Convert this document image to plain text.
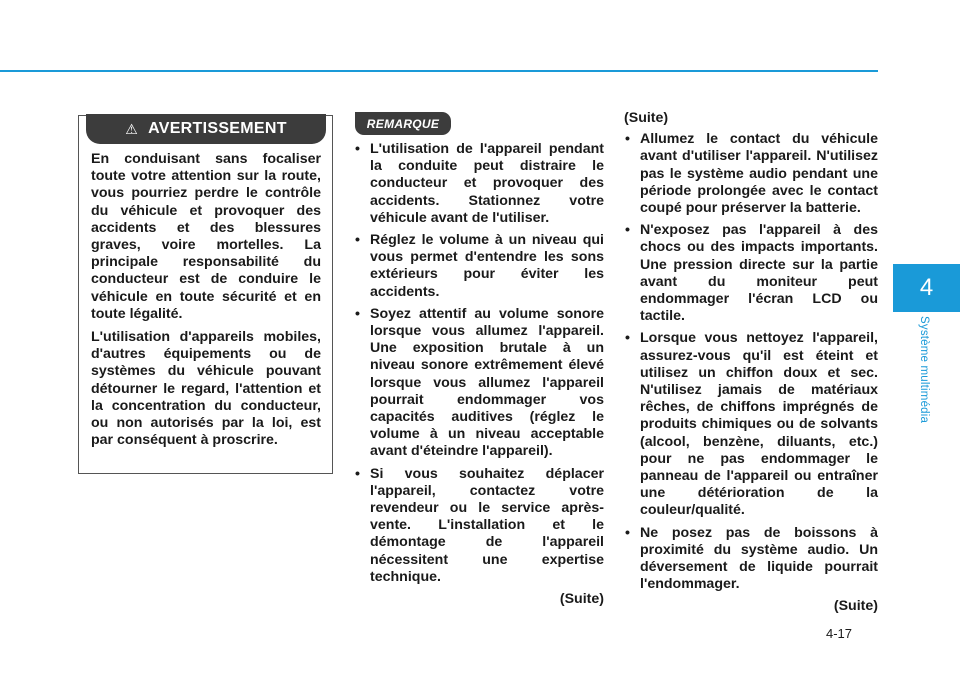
4
Système multimédia

En conduisant sans focaliser toute votre attention sur la route, vous pourriez perdre le contrôle du véhicule et provoquer des accidents et des blessures graves, voire mortelles. La principale responsabilité du conducteur est de conduire le véhicule en toute sécurité et en toute légalité.

L'utilisation d'appareils mobiles, d'autres équipements ou de systèmes du véhicule pouvant détourner le regard, l'attention et la concentration du conducteur, ou non autorisés par la loi, est par conséquent à proscrire.

⚠ AVERTISSEMENT	REMARQUE
• L'utilisation de l'appareil pendant la conduite peut distraire le conducteur et provoquer des accidents. Stationnez votre véhicule avant de l'utiliser.
• Réglez le volume à un niveau qui vous permet d'entendre les sons extérieurs pour éviter les accidents.
• Soyez attentif au volume sonore lorsque vous allumez l'appareil. Une exposition brutale à un niveau sonore extrêmement élevé lorsque vous allumez l'appareil pourrait endommager vos capacités auditives (réglez le volume à un niveau acceptable avant d'éteindre l'appareil).
• Si vous souhaitez déplacer l'appareil, contactez votre revendeur ou le service après-vente. L'installation et le démontage de l'appareil nécessitent une expertise technique.
(Suite)

(Suite)

• Allumez le contact du véhicule avant d'utiliser l'appareil. N'utilisez pas le système audio pendant une période prolongée avec le contact coupé pour préserver la batterie.
• N'exposez pas l'appareil à des chocs ou des impacts importants. Une pression directe sur la partie avant du moniteur peut endommager l'écran LCD ou tactile.
• Lorsque vous nettoyez l'appareil, assurez-vous qu'il est éteint et utilisez un chiffon doux et sec. N'utilisez jamais de matériaux rêches, de chiffons imprégnés de produits chimiques ou de solvants (alcool, benzène, diluants, etc.) pour ne pas endommager le panneau de l'appareil ou entraîner une détérioration de la couleur/qualité.
• Ne posez pas de boissons à proximité du système audio. Un déversement de liquide pourrait l'endommager.
(Suite)
4-17
